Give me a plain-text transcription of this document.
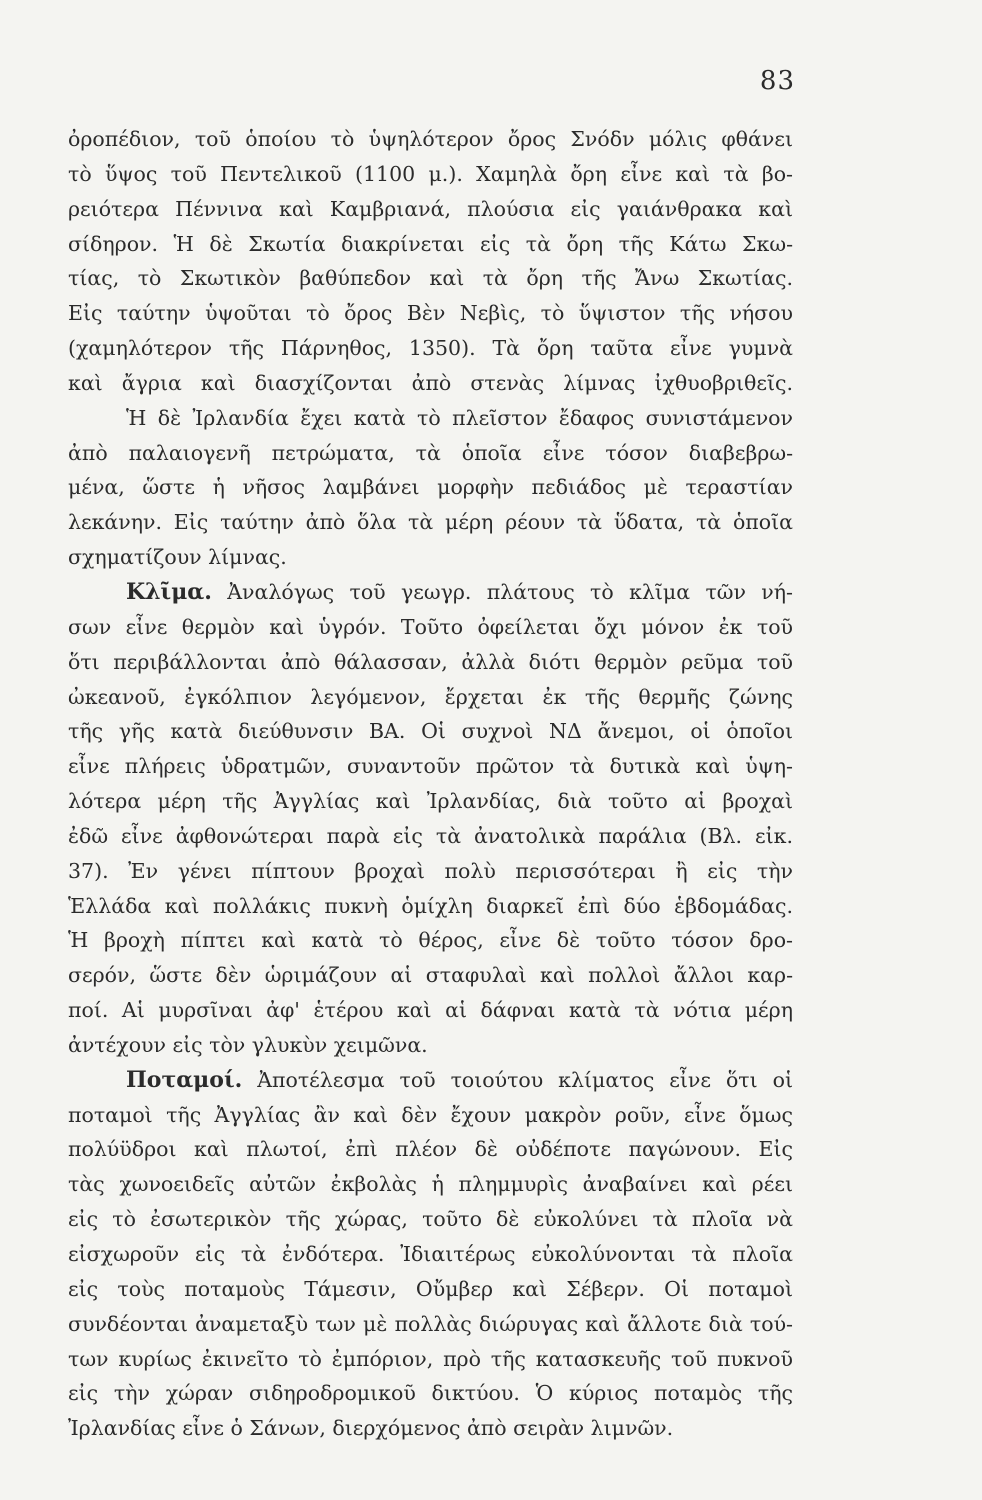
83
ὀροπέδιον, τοῦ ὁποίου τὸ ὑψηλότερον ὄρος Σνόδν μόλις φθάνει
τὸ ὕψος τοῦ Πεντελικοῦ (1100 μ.). Χαμηλὰ ὄρη εἶνε καὶ τὰ βο-
ρειότερα Πέννινα καὶ Καμβριανά, πλούσια εἰς γαιάνθρακα καὶ
σίδηρον. Ἡ δὲ Σκωτία διακρίνεται εἰς τὰ ὄρη τῆς Κάτω Σκω-
τίας, τὸ Σκωτικὸν βαθύπεδον καὶ τὰ ὄρη τῆς Ἄνω Σκωτίας.
Εἰς ταύτην ὑψοῦται τὸ ὄρος Βὲν Νεβὶς, τὸ ὕψιστον τῆς νήσου
(χαμηλότερον τῆς Πάρνηθος, 1350). Τὰ ὄρη ταῦτα εἶνε γυμνὰ
καὶ ἄγρια καὶ διασχίζονται ἀπὸ στενὰς λίμνας ἰχθυοβριθεῖς.
Ἡ δὲ Ἰρλανδία ἔχει κατὰ τὸ πλεῖστον ἔδαφος συνιστάμενον
ἀπὸ παλαιογενῆ πετρώματα, τὰ ὁποῖα εἶνε τόσον διαβεβρω-
μένα, ὥστε ἡ νῆσος λαμβάνει μορφὴν πεδιάδος μὲ τεραστίαν
λεκάνην. Εἰς ταύτην ἀπὸ ὅλα τὰ μέρη ρέουν τὰ ὕδατα, τὰ ὁποῖα
σχηματίζουν λίμνας.
Κλῖμα. Ἀναλόγως τοῦ γεωγρ. πλάτους τὸ κλῖμα τῶν νή-
σων εἶνε θερμὸν καὶ ὑγρόν. Τοῦτο ὀφείλεται ὄχι μόνον ἐκ τοῦ
ὅτι περιβάλλονται ἀπὸ θάλασσαν, ἀλλὰ διότι θερμὸν ρεῦμα τοῦ
ὠκεανοῦ, ἐγκόλπιον λεγόμενον, ἔρχεται ἐκ τῆς θερμῆς ζώνης
τῆς γῆς κατὰ διεύθυνσιν ΒΑ. Οἱ συχνοὶ ΝΔ ἄνεμοι, οἱ ὁποῖοι
εἶνε πλήρεις ὑδρατμῶν, συναντοῦν πρῶτον τὰ δυτικὰ καὶ ὑψη-
λότερα μέρη τῆς Ἀγγλίας καὶ Ἰρλανδίας, διὰ τοῦτο αἱ βροχαὶ
ἐδῶ εἶνε ἀφθονώτεραι παρὰ εἰς τὰ ἀνατολικὰ παράλια (Βλ. εἰκ.
37). Ἐν γένει πίπτουν βροχαὶ πολὺ περισσότεραι ἢ εἰς τὴν
Ἑλλάδα καὶ πολλάκις πυκνὴ ὁμίχλη διαρκεῖ ἐπὶ δύο ἑβδομάδας.
Ἡ βροχὴ πίπτει καὶ κατὰ τὸ θέρος, εἶνε δὲ τοῦτο τόσον δρο-
σερόν, ὥστε δὲν ὡριμάζουν αἱ σταφυλαὶ καὶ πολλοὶ ἄλλοι καρ-
ποί. Αἱ μυρσῖναι ἀφ' ἑτέρου καὶ αἱ δάφναι κατὰ τὰ νότια μέρη
ἀντέχουν εἰς τὸν γλυκὺν χειμῶνα.
Ποταμοί. Ἀποτέλεσμα τοῦ τοιούτου κλίματος εἶνε ὅτι οἱ
ποταμοὶ τῆς Ἀγγλίας ἂν καὶ δὲν ἔχουν μακρὸν ροῦν, εἶνε ὅμως
πολύϋδροι καὶ πλωτοί, ἐπὶ πλέον δὲ οὐδέποτε παγώνουν. Εἰς
τὰς χωνοειδεῖς αὐτῶν ἐκβολὰς ἡ πλημμυρὶς ἀναβαίνει καὶ ρέει
εἰς τὸ ἐσωτερικὸν τῆς χώρας, τοῦτο δὲ εὐκολύνει τὰ πλοῖα νὰ
εἰσχωροῦν εἰς τὰ ἐνδότερα. Ἰδιαιτέρως εὐκολύνονται τὰ πλοῖα
εἰς τοὺς ποταμοὺς Τάμεσιν, Οὔμβερ καὶ Σέβερν. Οἱ ποταμοὶ
συνδέονται ἀναμεταξὺ των μὲ πολλὰς διώρυγας καὶ ἄλλοτε διὰ τού-
των κυρίως ἐκινεῖτο τὸ ἐμπόριον, πρὸ τῆς κατασκευῆς τοῦ πυκνοῦ
εἰς τὴν χώραν σιδηροδρομικοῦ δικτύου. Ὁ κύριος ποταμὸς τῆς
Ἰρλανδίας εἶνε ὁ Σάνων, διερχόμενος ἀπὸ σειρὰν λιμνῶν.
